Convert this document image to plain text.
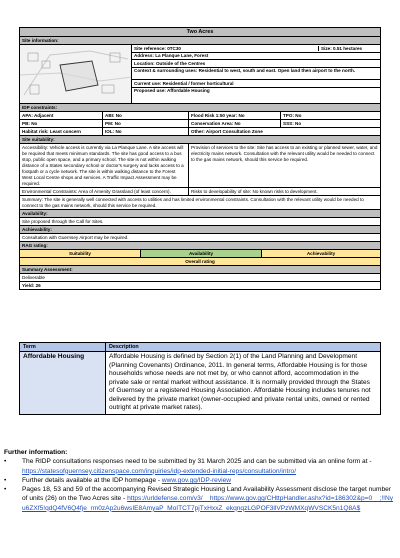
Two Acres
Site information:
Site reference: 0TC30	Size: 0.51 hectares
Address: La Planque Lane, Forest
Location: Outside of the Centres
Context & surrounding uses: Residential to west, south and east. Open land then airport to the north.
Current use: Residential / former horticultural
Proposed use: Affordable Housing
IDP constraints:
APA: Adjacent	ABI: No	Flood Risk 1:50 year: No	TPO: No
PB: No	PM: No	Conservation Area: No	SSS: No
Habitat risk: Least concern	IOL: No	Other: Airport Consultation Zone
Site suitability:
Accessibility: Vehicle access is currently via La Planque Lane. A site access will be required that meets minimum standards. The site has good access to a bus stop, public open space, and a primary school. The site is not within walking distance of a States secondary school or doctor's surgery and lacks access to a footpath or a cycle network. The site is within walking distance to the Forest West Local Centre shops and services. A Traffic Impact Assessment may be required.
Provision of services to the site: Site has access to an existing or planned sewer, water, and electricity mains network. Consultation with the relevant utility would be needed to connect to the gas mains network, should this service be required.
Environmental Constraints: Area of Amenity Grassland (of least concern).	Risks to developability of site: No known risks to development.
Summary: The site is generally well connected with access to utilities and has limited environmental constraints. Consultation with the relevant utility would be needed to connect to the gas mains network, should this service be required.
Availability:
Site proposed through the Call for Sites.
Achievability:
Consultation with Guernsey Airport may be required.
RAG rating:
Suitability	Availability	Achievability
Overall rating
Summary Assessment:
Deliverable
Yield: 26
Term	Description
Affordable Housing	Affordable Housing is defined by Section 2(1) of the Land Planning and Development (Planning Covenants) Ordinance, 2011. In general terms, Affordable Housing is for those households whose needs are not met by, or who cannot afford, accommodation in the private sale or rental market without assistance. It is normally provided through the States of Guernsey or a registered Housing Association. Affordable Housing includes tenures not delivered by the private market (owner-occupied and private rental units, owned or rented outright at private market rates).
Further information:
•	The RIDP consultations responses need to be submitted by 31 March 2025 and can be submitted via an online form at - https://statesofguernsey.citizenspace.com/inquiries/idp-extended-initial-reps/consultation/intro/
•	Further details available at the IDP homepage - www.gov.gg/IDP-review
•	Pages 18, 53 and 59 of the accompanying Revised Strategic Housing Land Availability Assessment disclose the target number of units (26) on the Two Acres site - https://urldefense.com/v3/__https://www.gov.gg/CHttpHandler.ashx?id=186302&p=0__;!!Nyu6ZXf5!qdQ4fV6Q4fje_rm0zAp2u6wsIE8AmyaP_MoITCT7pjTxHxxZ_ekqnqzLGPOF3llVPzWMXqWVSCK5n1Q8A$
